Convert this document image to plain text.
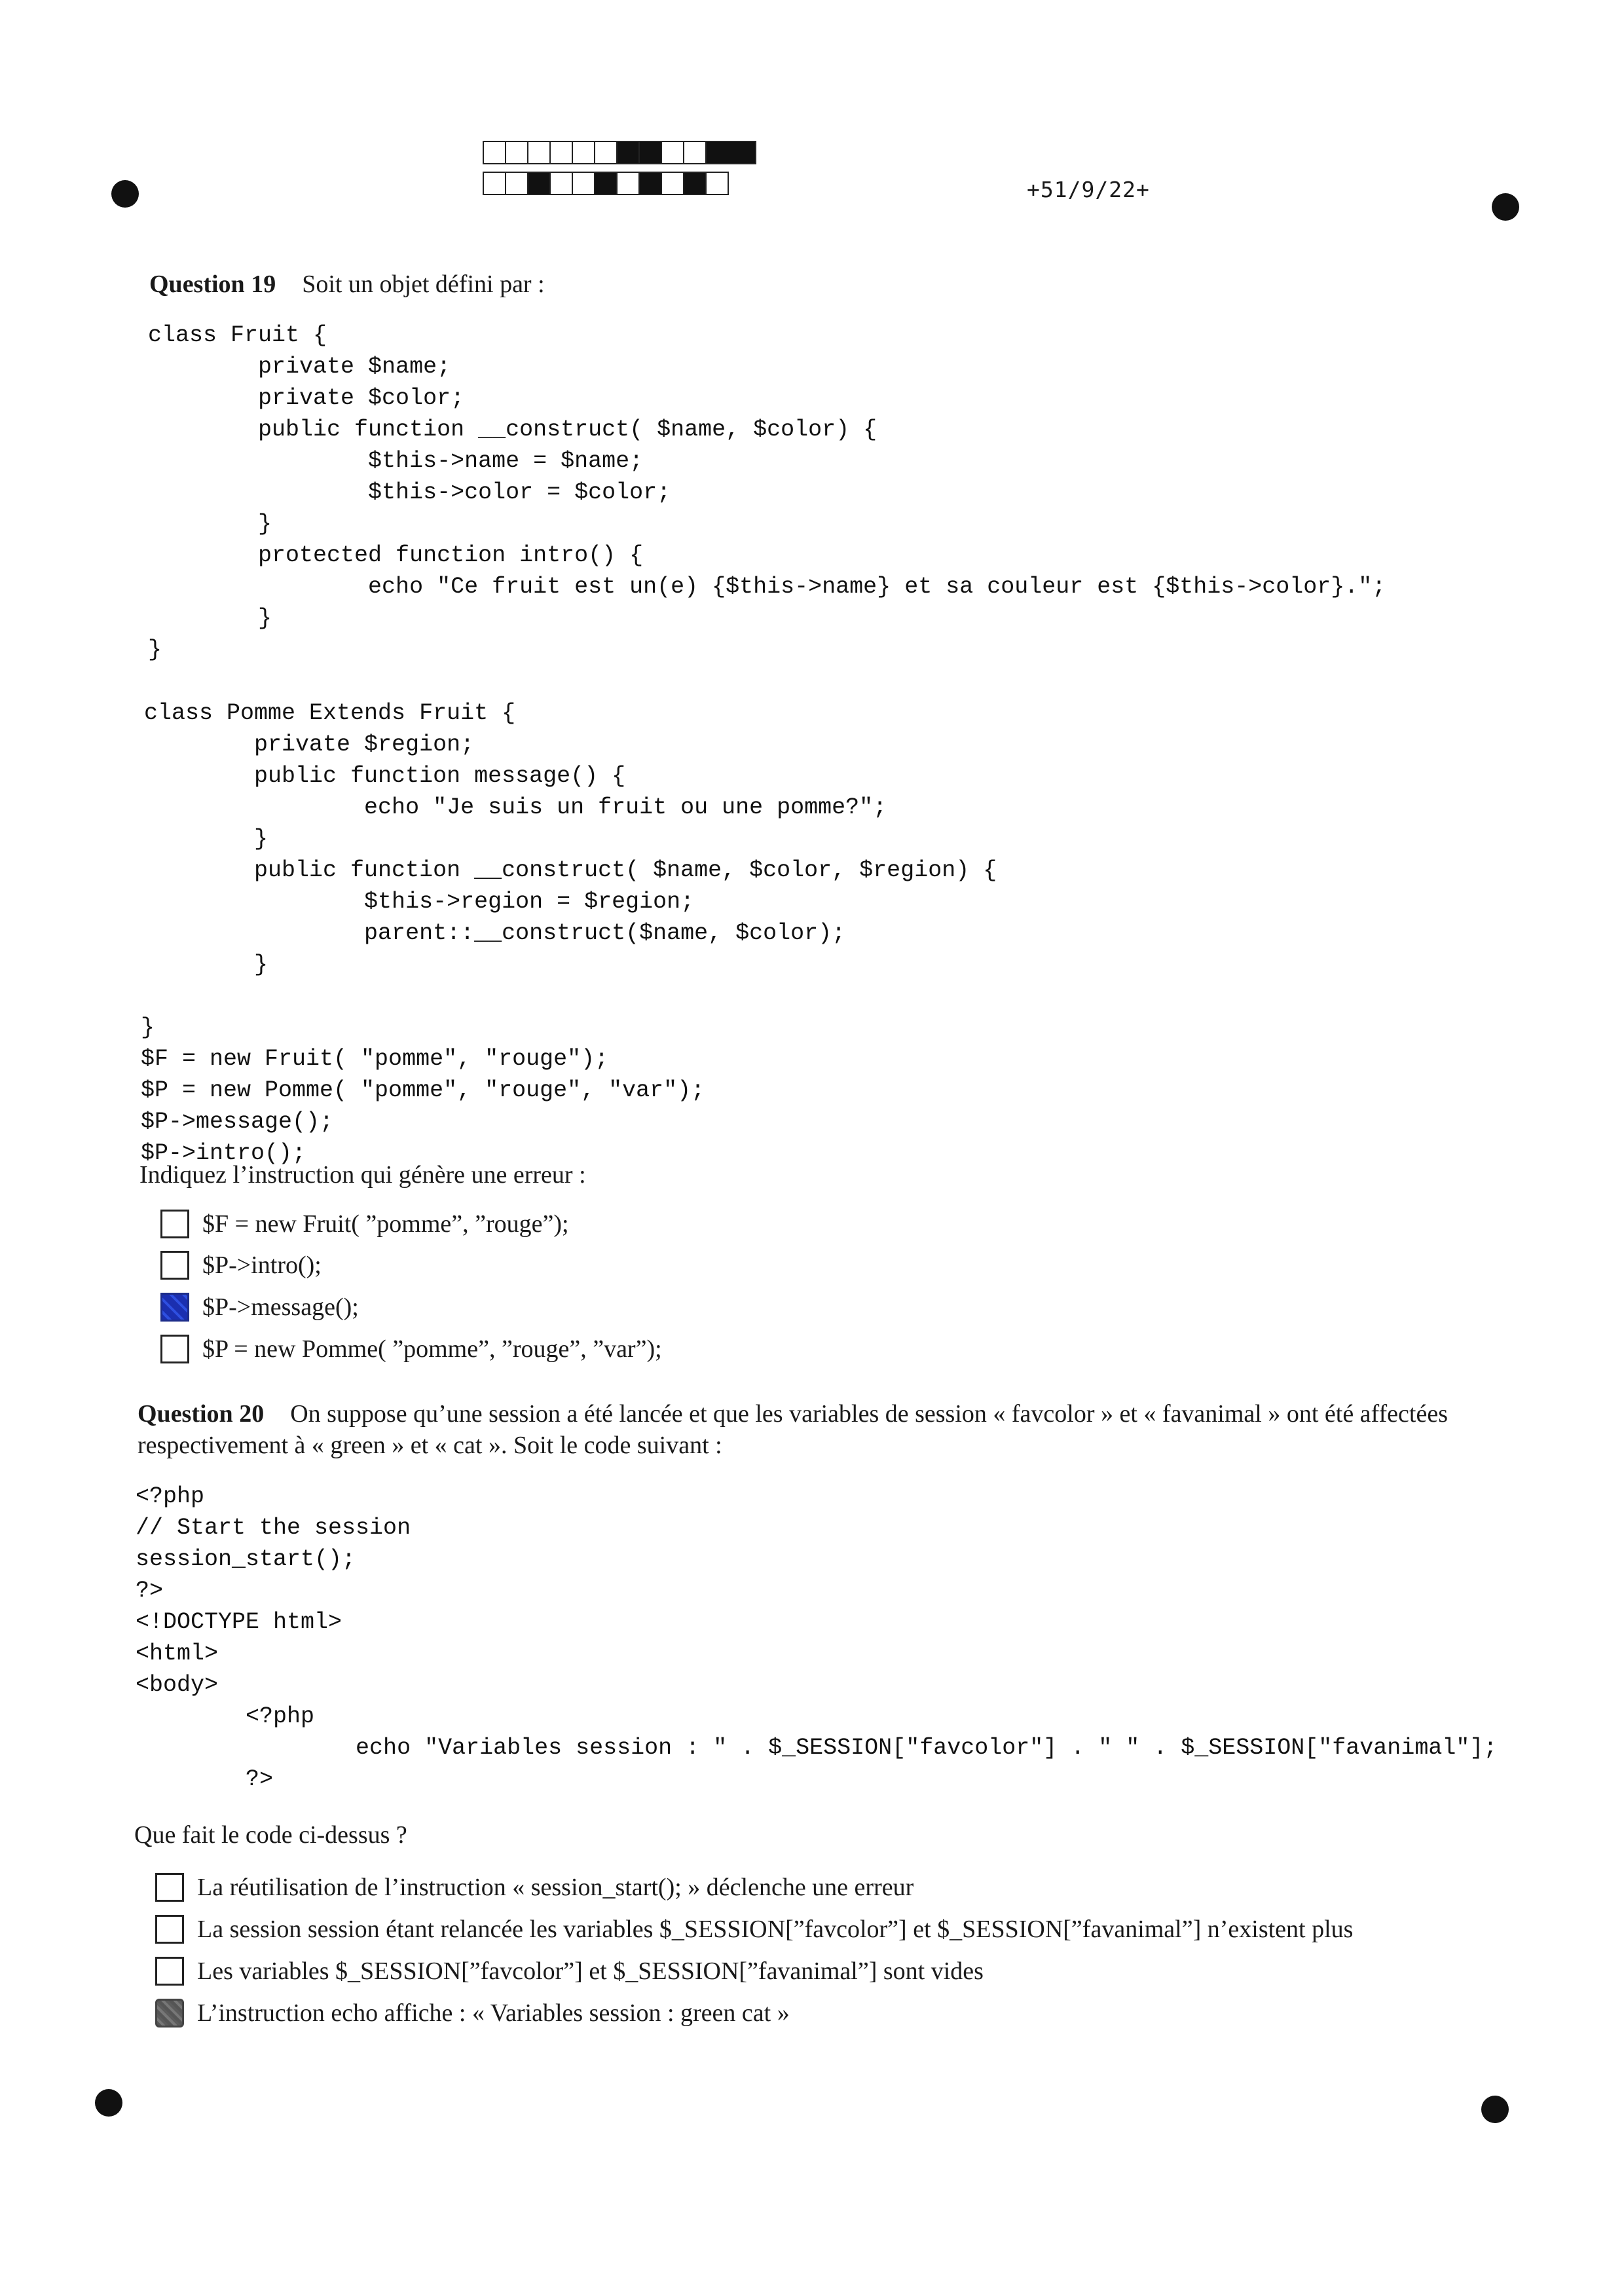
+51/9/22+
Question 19 Soit un objet défini par :
class Fruit {
private $name;
private $color;
public function __construct( $name, $color) {
$this->name = $name;
$this->color = $color;
}
protected function intro() {
echo "Ce fruit est un(e) {$this->name} et sa couleur est {$this->color}.";
}
}
class Pomme Extends Fruit {
private $region;
public function message() {
echo "Je suis un fruit ou une pomme?";
}
public function __construct( $name, $color, $region) {
$this->region = $region;
parent::__construct($name, $color);
}
}
$F = new Fruit( "pomme", "rouge");
$P = new Pomme( "pomme", "rouge", "var");
$P->message();
$P->intro();
Indiquez l’instruction qui génère une erreur :
$F = new Fruit( ”pomme”, ”rouge”);
$P->intro();
$P->message();
$P = new Pomme( ”pomme”, ”rouge”, ”var”);
Question 20 On suppose qu’une session a été lancée et que les variables de session « favcolor » et « favanimal » ont été affectées respectivement à « green » et « cat ». Soit le code suivant :
<?php
// Start the session
session_start();
?>
<!DOCTYPE html>
<html>
<body>
<?php
echo "Variables session : " . $_SESSION["favcolor"] . " " . $_SESSION["favanimal"];
?>
Que fait le code ci-dessus ?
La réutilisation de l’instruction « session_start(); » déclenche une erreur
La session session étant relancée les variables $_SESSION[”favcolor”] et $_SESSION[”favanimal”] n’existent plus
Les variables $_SESSION[”favcolor”] et $_SESSION[”favanimal”] sont vides
L’instruction echo affiche : « Variables session : green cat »
